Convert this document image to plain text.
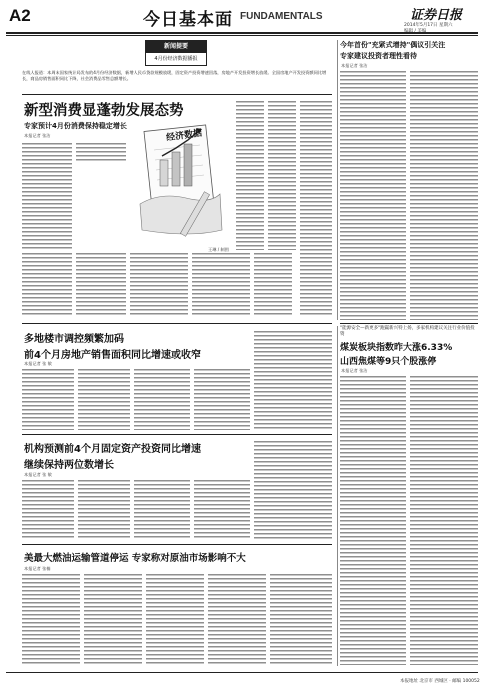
A2	今日基本面 FUNDAMENTALS	证券日报
2014年5月17日 星期六
新闻提要
4月份经济数据播报
在线人报道：本周末国家统计局发布的4月份经济数据，新增人民币贷款规模放缓，固定资产投资增速回落，房地产开发投资增长放缓。全国房地产开发投资额同比增长，商品房销售面积同比下降，社会消费品零售总额增长。
新型消费显蓬勃发展态势
专家预计4月份消费保持稳定增长
本报记者 张洁	经济数据
王琳 / 制图
今年首份"充紧式增持"偶议引关注
专家建议投资者理性看待
本报记者 张洁
多地楼市调控频繁加码
前4个月房地产销售面积同比增速或收窄
本报记者 张 敏
"能源安全—新更多"跑赢新兴特上扬，多家机构建议关注行业价值投资
煤炭板块指数昨大涨6.33%
山西焦煤等9只个股涨停
本报记者 张洁
机构预测前4个月固定资产投资同比增速
继续保持两位数增长
本报记者 张 敏
美最大燃油运输管道停运 专家称对原油市场影响不大
本报记者 张楠
本报地址 北京市 西城区 · 邮编 100052
